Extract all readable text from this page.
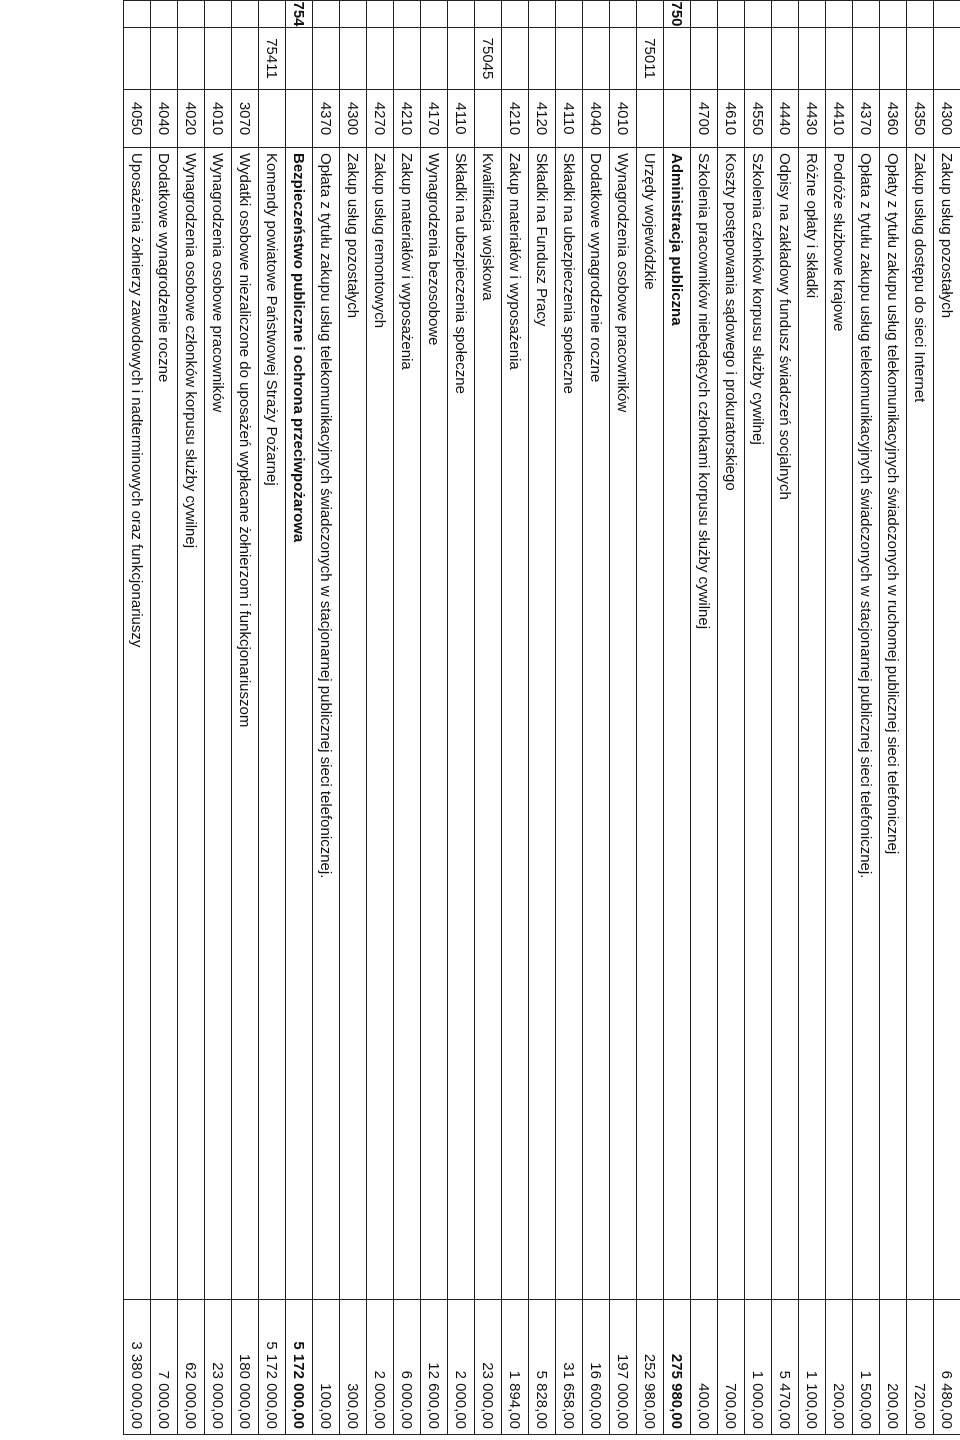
		4300	Zakup usług pozostałych	6 480,00
		4350	Zakup usług dostępu do sieci Internet	720,00
		4360	Opłaty z tytułu zakupu usług telekomunikacyjnych świadczonych w ruchomej publicznej sieci telefonicznej	200,00
		4370	Opłata z tytułu zakupu usług telekomunikacyjnych świadczonych w stacjonarnej publicznej sieci telefonicznej.	1 500,00
		4410	Podróże służbowe krajowe	200,00
		4430	Różne opłaty i składki	1 100,00
		4440	Odpisy na zakładowy fundusz świadczeń socjalnych	5 470,00
		4550	Szkolenia członków korpusu służby cywilnej	1 000,00
		4610	Koszty postępowania sądowego i prokuratorskiego	700,00
		4700	Szkolenia pracowników niebędących członkami korpusu służby cywilnej	400,00
750			Administracja publiczna	275 980,00
	75011		Urzędy wojewódzkie	252 980,00
		4010	Wynagrodzenia osobowe pracowników	197 000,00
		4040	Dodatkowe wynagrodzenie roczne	16 600,00
		4110	Składki na ubezpieczenia społeczne	31 658,00
		4120	Składki na Fundusz Pracy	5 828,00
		4210	Zakup materiałów i wyposażenia	1 894,00
	75045		Kwalifikacja wojskowa	23 000,00
		4110	Składki na ubezpieczenia społeczne	2 000,00
		4170	Wynagrodzenia bezosobowe	12 600,00
		4210	Zakup materiałów i wyposażenia	6 000,00
		4270	Zakup usług remontowych	2 000,00
		4300	Zakup usług pozostałych	300,00
		4370	Opłata z tytułu zakupu usług telekomunikacyjnych świadczonych w stacjonarnej publicznej sieci telefonicznej.	100,00
754			Bezpieczeństwo publiczne i ochrona przeciwpożarowa	5 172 000,00
	75411		Komendy powiatowe Państwowej Straży Pożarnej	5 172 000,00
		3070	Wydatki osobowe niezaliczone do uposażeń wypłacane żołnierzom i funkcjonariuszom	180 000,00
		4010	Wynagrodzenia osobowe pracowników	23 000,00
		4020	Wynagrodzenia osobowe członków korpusu służby cywilnej	62 000,00
		4040	Dodatkowe wynagrodzenie roczne	7 000,00
		4050	Uposażenia żołnierzy zawodowych i nadterminowych oraz funkcjonariuszy	3 380 000,00
